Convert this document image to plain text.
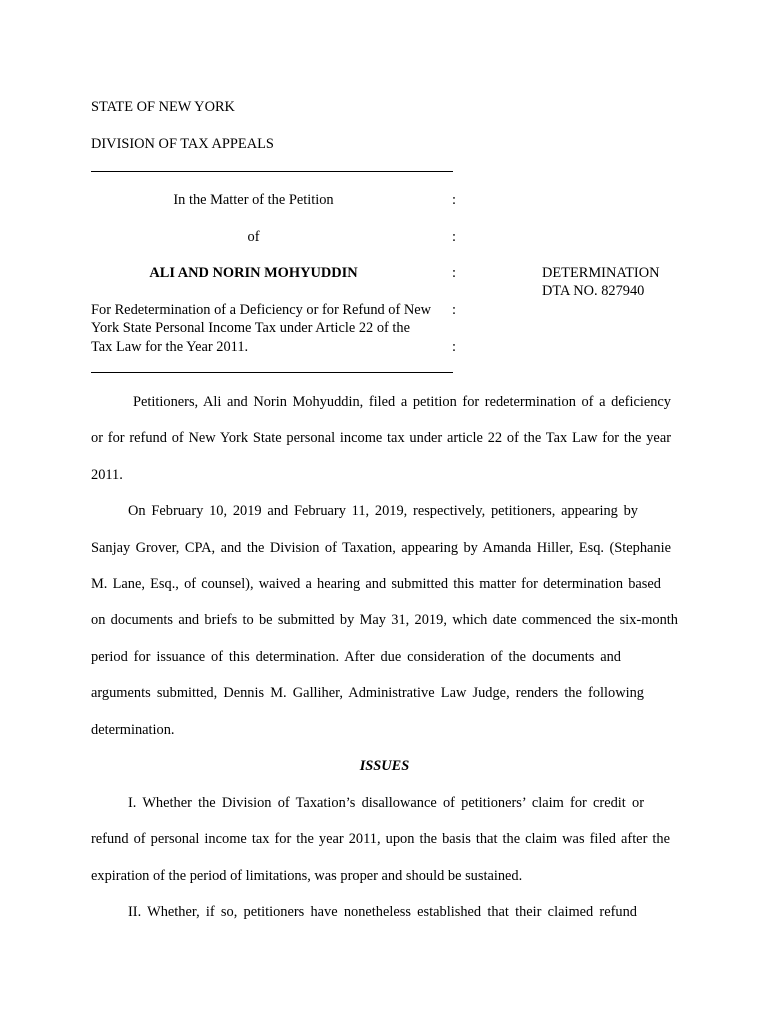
STATE OF NEW YORK
DIVISION OF TAX APPEALS
In the Matter of the Petition	:
of	:
ALI AND NORIN MOHYUDDIN	:
For Redetermination of a Deficiency or for Refund of New :
York State Personal Income Tax under Article 22 of the
Tax Law for the Year 2011.	:
DETERMINATION
DTA NO. 827940
Petitioners, Ali and Norin Mohyuddin, filed a petition for redetermination of a deficiency
or for refund of New York State personal income tax under article 22 of the Tax Law for the year
2011.
On February 10, 2019 and February 11, 2019, respectively, petitioners, appearing by
Sanjay Grover, CPA, and the Division of Taxation, appearing by Amanda Hiller, Esq. (Stephanie
M. Lane, Esq., of counsel), waived a hearing and submitted this matter for determination based
on documents and briefs to be submitted by May 31, 2019, which date commenced the six-month
period for issuance of this determination. After due consideration of the documents and
arguments submitted, Dennis M. Galliher, Administrative Law Judge, renders the following
determination.
ISSUES
I. Whether the Division of Taxation’s disallowance of petitioners’ claim for credit or
refund of personal income tax for the year 2011, upon the basis that the claim was filed after the
expiration of the period of limitations, was proper and should be sustained.
II. Whether, if so, petitioners have nonetheless established that their claimed refund
